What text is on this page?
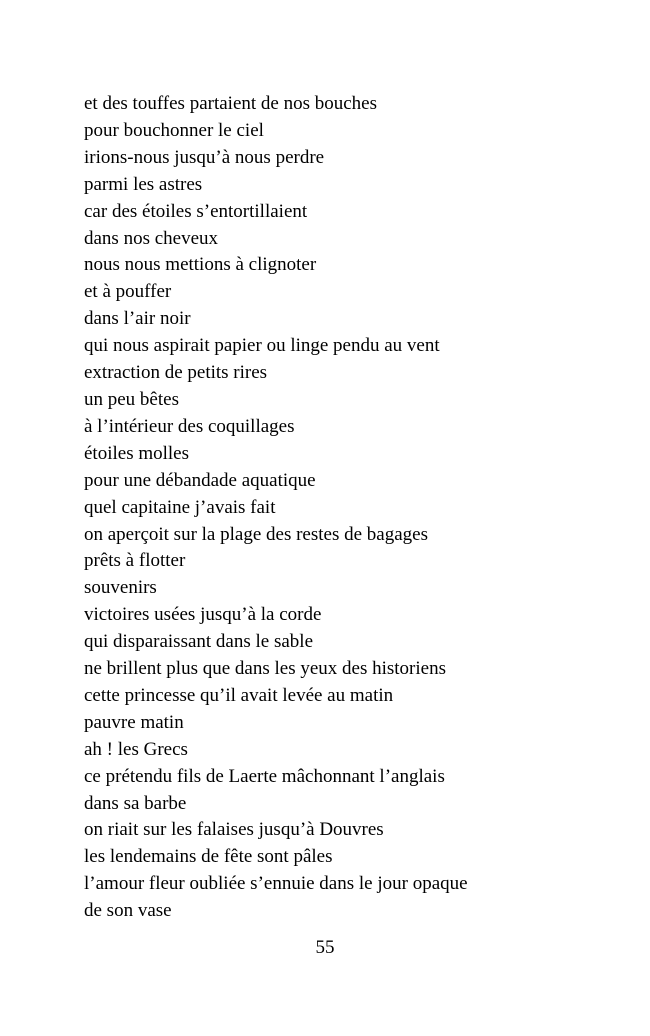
et des touffes partaient de nos bouches
pour bouchonner le ciel
irions-nous jusqu’à nous perdre
parmi les astres
car des étoiles s’entortillaient
dans nos cheveux
nous nous mettions à clignoter
et à pouffer
dans l’air noir
qui nous aspirait papier ou linge pendu au vent
extraction de petits rires
un peu bêtes
à l’intérieur des coquillages
étoiles molles
pour une débandade aquatique
quel capitaine j’avais fait
on aperçoit sur la plage des restes de bagages
prêts à flotter
souvenirs
victoires usées jusqu’à la corde
qui disparaissant dans le sable
ne brillent plus que dans les yeux des historiens
cette princesse qu’il avait levée au matin
pauvre matin
ah ! les Grecs
ce prétendu fils de Laerte mâchonnant l’anglais
dans sa barbe
on riait sur les falaises jusqu’à Douvres
les lendemains de fête sont pâles
l’amour fleur oubliée s’ennuie dans le jour opaque
de son vase
55
